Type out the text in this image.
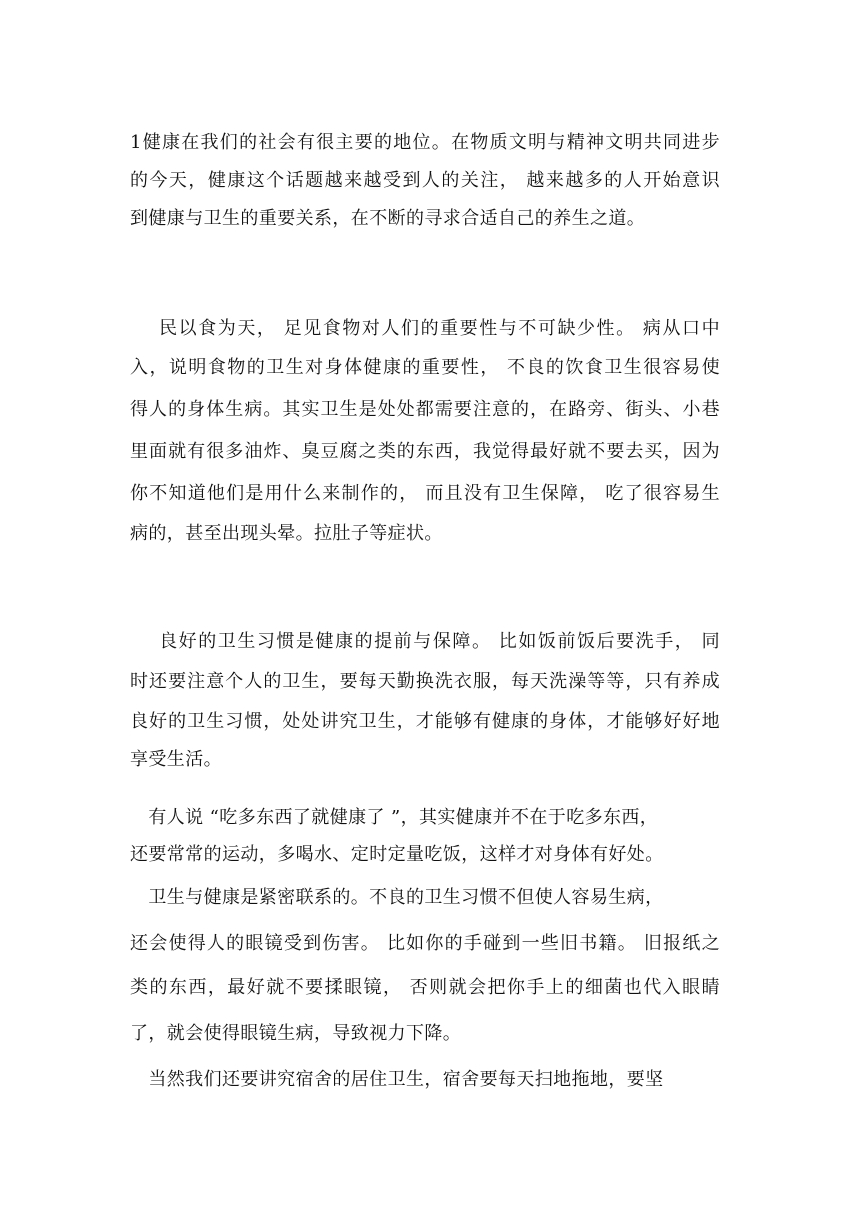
1健康在我们的社会有很主要的地位。在物质文明与精神文明共同进步
的今天，健康这个话题越来越受到人的关注， 越来越多的人开始意识
到健康与卫生的重要关系，在不断的寻求合适自己的养生之道。
民以食为天， 足见食物对人们的重要性与不可缺少性。 病从口中
入，说明食物的卫生对身体健康的重要性， 不良的饮食卫生很容易使
得人的身体生病。其实卫生是处处都需要注意的，在路旁、街头、小巷
里面就有很多油炸、臭豆腐之类的东西，我觉得最好就不要去买，因为
你不知道他们是用什么来制作的， 而且没有卫生保障， 吃了很容易生
病的，甚至出现头晕。拉肚子等症状。
良好的卫生习惯是健康的提前与保障。 比如饭前饭后要洗手， 同
时还要注意个人的卫生，要每天勤换洗衣服，每天洗澡等等，只有养成
良好的卫生习惯，处处讲究卫生，才能够有健康的身体，才能够好好地
享受生活。
有人说 “吃多东西了就健康了 ”，其实健康并不在于吃多东西，
还要常常的运动，多喝水、定时定量吃饭，这样才对身体有好处。
卫生与健康是紧密联系的。不良的卫生习惯不但使人容易生病，
还会使得人的眼镜受到伤害。 比如你的手碰到一些旧书籍。 旧报纸之
类的东西，最好就不要揉眼镜， 否则就会把你手上的细菌也代入眼睛
了，就会使得眼镜生病，导致视力下降。
当然我们还要讲究宿舍的居住卫生，宿舍要每天扫地拖地，要坚
